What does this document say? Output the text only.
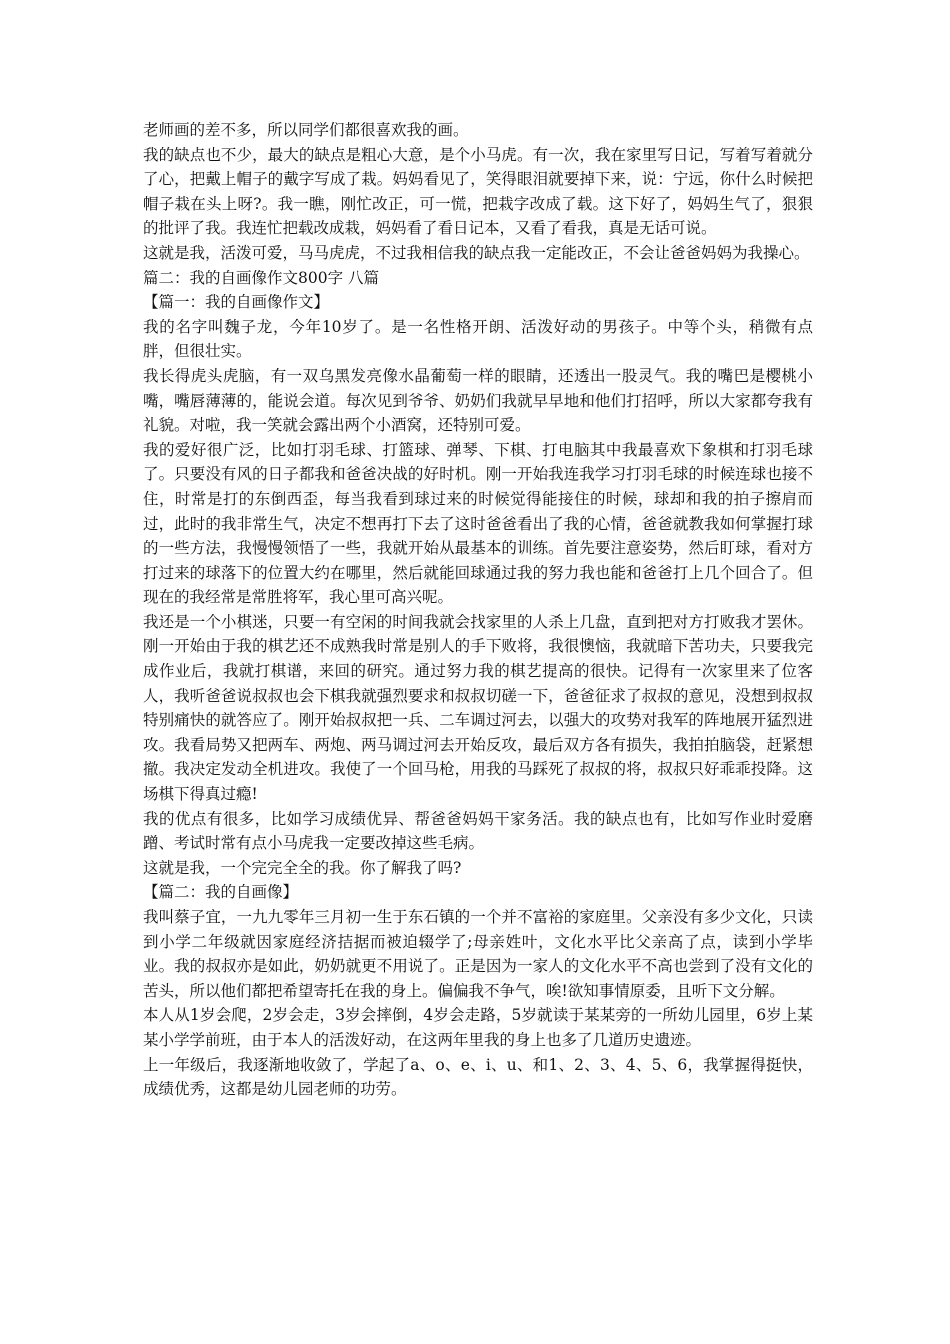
老师画的差不多，所以同学们都很喜欢我的画。

我的缺点也不少，最大的缺点是粗心大意，是个小马虎。有一次，我在家里写日记，写着写着就分了心，把戴上帽子的戴字写成了栽。妈妈看见了，笑得眼泪就要掉下来，说：宁远，你什么时候把帽子栽在头上呀?。我一瞧，刚忙改正，可一慌，把栽字改成了载。这下好了，妈妈生气了，狠狠的批评了我。我连忙把载改成栽，妈妈看了看日记本，又看了看我，真是无话可说。

这就是我，活泼可爱，马马虎虎，不过我相信我的缺点我一定能改正，不会让爸爸妈妈为我操心。

篇二：我的自画像作文800字 八篇

【篇一：我的自画像作文】

我的名字叫魏子龙，今年10岁了。是一名性格开朗、活泼好动的男孩子。中等个头，稍微有点胖，但很壮实。

我长得虎头虎脑，有一双乌黑发亮像水晶葡萄一样的眼睛，还透出一股灵气。我的嘴巴是樱桃小嘴，嘴唇薄薄的，能说会道。每次见到爷爷、奶奶们我就早早地和他们打招呼，所以大家都夸我有礼貌。对啦，我一笑就会露出两个小酒窝，还特别可爱。

我的爱好很广泛，比如打羽毛球、打篮球、弹琴、下棋、打电脑其中我最喜欢下象棋和打羽毛球了。只要没有风的日子都我和爸爸决战的好时机。刚一开始我连我学习打羽毛球的时候连球也接不住，时常是打的东倒西歪，每当我看到球过来的时候觉得能接住的时候，球却和我的拍子擦肩而过，此时的我非常生气，决定不想再打下去了这时爸爸看出了我的心情，爸爸就教我如何掌握打球的一些方法，我慢慢领悟了一些，我就开始从最基本的训练。首先要注意姿势，然后盯球，看对方打过来的球落下的位置大约在哪里，然后就能回球通过我的努力我也能和爸爸打上几个回合了。但现在的我经常是常胜将军，我心里可高兴呢。

我还是一个小棋迷，只要一有空闲的时间我就会找家里的人杀上几盘，直到把对方打败我才罢休。刚一开始由于我的棋艺还不成熟我时常是别人的手下败将，我很懊恼，我就暗下苦功夫，只要我完成作业后，我就打棋谱，来回的研究。通过努力我的棋艺提高的很快。记得有一次家里来了位客人，我听爸爸说叔叔也会下棋我就强烈要求和叔叔切磋一下，爸爸征求了叔叔的意见，没想到叔叔特别痛快的就答应了。刚开始叔叔把一兵、二车调过河去，以强大的攻势对我军的阵地展开猛烈进攻。我看局势又把两车、两炮、两马调过河去开始反攻，最后双方各有损失，我拍拍脑袋，赶紧想撤。我决定发动全机进攻。我使了一个回马枪，用我的马踩死了叔叔的将，叔叔只好乖乖投降。这场棋下得真过瘾!

我的优点有很多，比如学习成绩优异、帮爸爸妈妈干家务活。我的缺点也有，比如写作业时爱磨蹭、考试时常有点小马虎我一定要改掉这些毛病。

这就是我，一个完完全全的我。你了解我了吗?

【篇二：我的自画像】

我叫蔡子宜，一九九零年三月初一生于东石镇的一个并不富裕的家庭里。父亲没有多少文化，只读到小学二年级就因家庭经济拮据而被迫辍学了;母亲姓叶，文化水平比父亲高了点，读到小学毕业。我的叔叔亦是如此，奶奶就更不用说了。正是因为一家人的文化水平不高也尝到了没有文化的苦头，所以他们都把希望寄托在我的身上。偏偏我不争气，唉!欲知事情原委，且听下文分解。

本人从1岁会爬，2岁会走，3岁会摔倒，4岁会走路，5岁就读于某某旁的一所幼儿园里，6岁上某某小学学前班，由于本人的活泼好动，在这两年里我的身上也多了几道历史遗迹。

上一年级后，我逐渐地收敛了，学起了a、o、e、i、u、和1、2、3、4、5、6，我掌握得挺快，成绩优秀，这都是幼儿园老师的功劳。
